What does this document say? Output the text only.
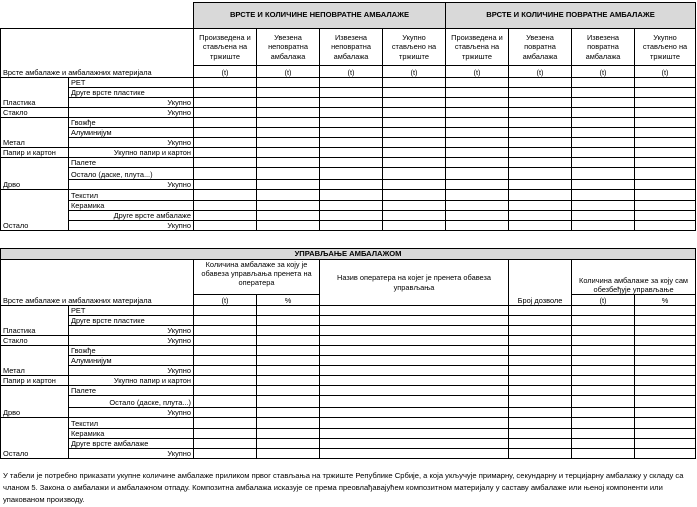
		ВРСТЕ И КОЛИЧИНЕ НЕПОВРАТНЕ АМБАЛАЖЕ				ВРСТЕ И КОЛИЧИНЕ ПОВРАТНЕ АМБАЛАЖЕ			
Врсте амбалаже и амбалажних материјала		Произведена и стављена на тржиште	Увезена неповратна амбалажа	Извезена неповратна амбалажа	Укупно стављено на тржиште	Произведена и стављена на тржиште	Увезена повратна амбалажа	Извезена повратна амбалажа	Укупно стављено на тржиште
		(t)	(t)	(t)	(t)	(t)	(t)	(t)	(t)
Пластика	PET								
	Друге врсте пластике								
	Укупно								
Стакло	Укупно								
Метал	Гвожђе								
	Алуминијум								
	Укупно								
Папир и картон	Укупно папир и картон								
Дрво	Палете								
	Остало (даске, плута...)								
	Укупно								
Остало	Текстил								
	Керамика								
	Друге врсте амбалаже								
	Укупно								
УПРАВЉАЊЕ АМБАЛАЖОМ							
Врсте амбалаже и амбалажних материјала		Количина амбалаже за коју је обавеза управљања пренета на оператера		Назив оператера на којег је пренета обавеза управљања	Број дозволе	Количина амбалаже за коју сам обезбеђује управљање	
		(t)	%			(t)	%
Пластика	PET						
	Друге врсте пластике						
	Укупно						
Стакло	Укупно						
Метал	Гвожђе						
	Алуминијум						
	Укупно						
Папир и картон	Укупно папир и картон						
Дрво	Палете						
	Остало (даске, плута...)						
	Укупно						
Остало	Текстил						
	Керамика						
	Друге врсте амбалаже						
	Укупно						
У табели је потребно приказати укупне количине амбалаже приликом првог стављања на тржиште Републике Србије, а која укључује примарну, секундарну и терцијарну амбалажу у складу са чланом 5. Закона о амбалажи и амбалажном отпаду. Композитна амбалажа исказује се према преовлађавајућем композитном материјалу у саставу амбалаже или њеној компоненти или упакованом производу.
